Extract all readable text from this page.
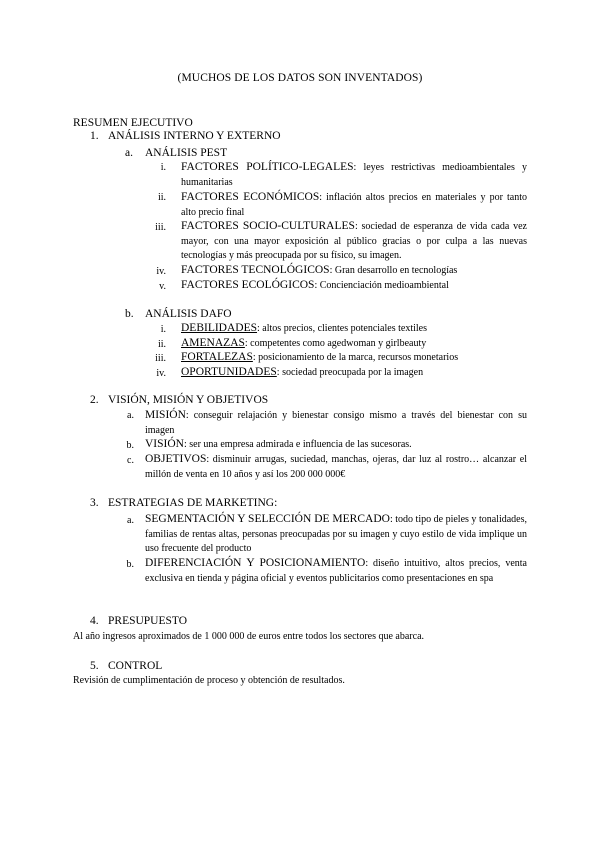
(MUCHOS DE LOS DATOS SON INVENTADOS)
RESUMEN EJECUTIVO
1. ANÁLISIS INTERNO Y EXTERNO
a. ANÁLISIS PEST
i. FACTORES POLÍTICO-LEGALES: leyes restrictivas medioambientales y humanitarias
ii. FACTORES ECONÓMICOS: inflación altos precios en materiales y por tanto alto precio final
iii. FACTORES SOCIO-CULTURALES: sociedad de esperanza de vida cada vez mayor, con una mayor exposición al público gracias o por culpa a las nuevas tecnologías y más preocupada por su físico, su imagen.
iv. FACTORES TECNOLÓGICOS: Gran desarrollo en tecnologías
v. FACTORES ECOLÓGICOS: Concienciación medioambiental
b. ANÁLISIS DAFO
i. DEBILIDADES: altos precios, clientes potenciales textiles
ii. AMENAZAS: competentes como agedwoman y girlbeauty
iii. FORTALEZAS: posicionamiento de la marca, recursos monetarios
iv. OPORTUNIDADES: sociedad preocupada por la imagen
2. VISIÓN, MISIÓN Y OBJETIVOS
a. MISIÓN: conseguir relajación y bienestar consigo mismo a través del bienestar con su imagen
b. VISIÓN: ser una empresa admirada e influencia de las sucesoras.
c. OBJETIVOS: disminuir arrugas, suciedad, manchas, ojeras, dar luz al rostro… alcanzar el millón de venta en 10 años y así los 200 000 000€
3. ESTRATEGIAS DE MARKETING:
a. SEGMENTACIÓN Y SELECCIÓN DE MERCADO: todo tipo de pieles y tonalidades, familias de rentas altas, personas preocupadas por su imagen y cuyo estilo de vida implique un uso frecuente del producto
b. DIFERENCIACIÓN Y POSICIONAMIENTO: diseño intuitivo, altos precios, venta exclusiva en tienda y página oficial y eventos publicitarios como presentaciones en spa
4. PRESUPUESTO
Al año ingresos aproximados de 1 000 000 de euros entre todos los sectores que abarca.
5. CONTROL
Revisión de cumplimentación de proceso y obtención de resultados.
